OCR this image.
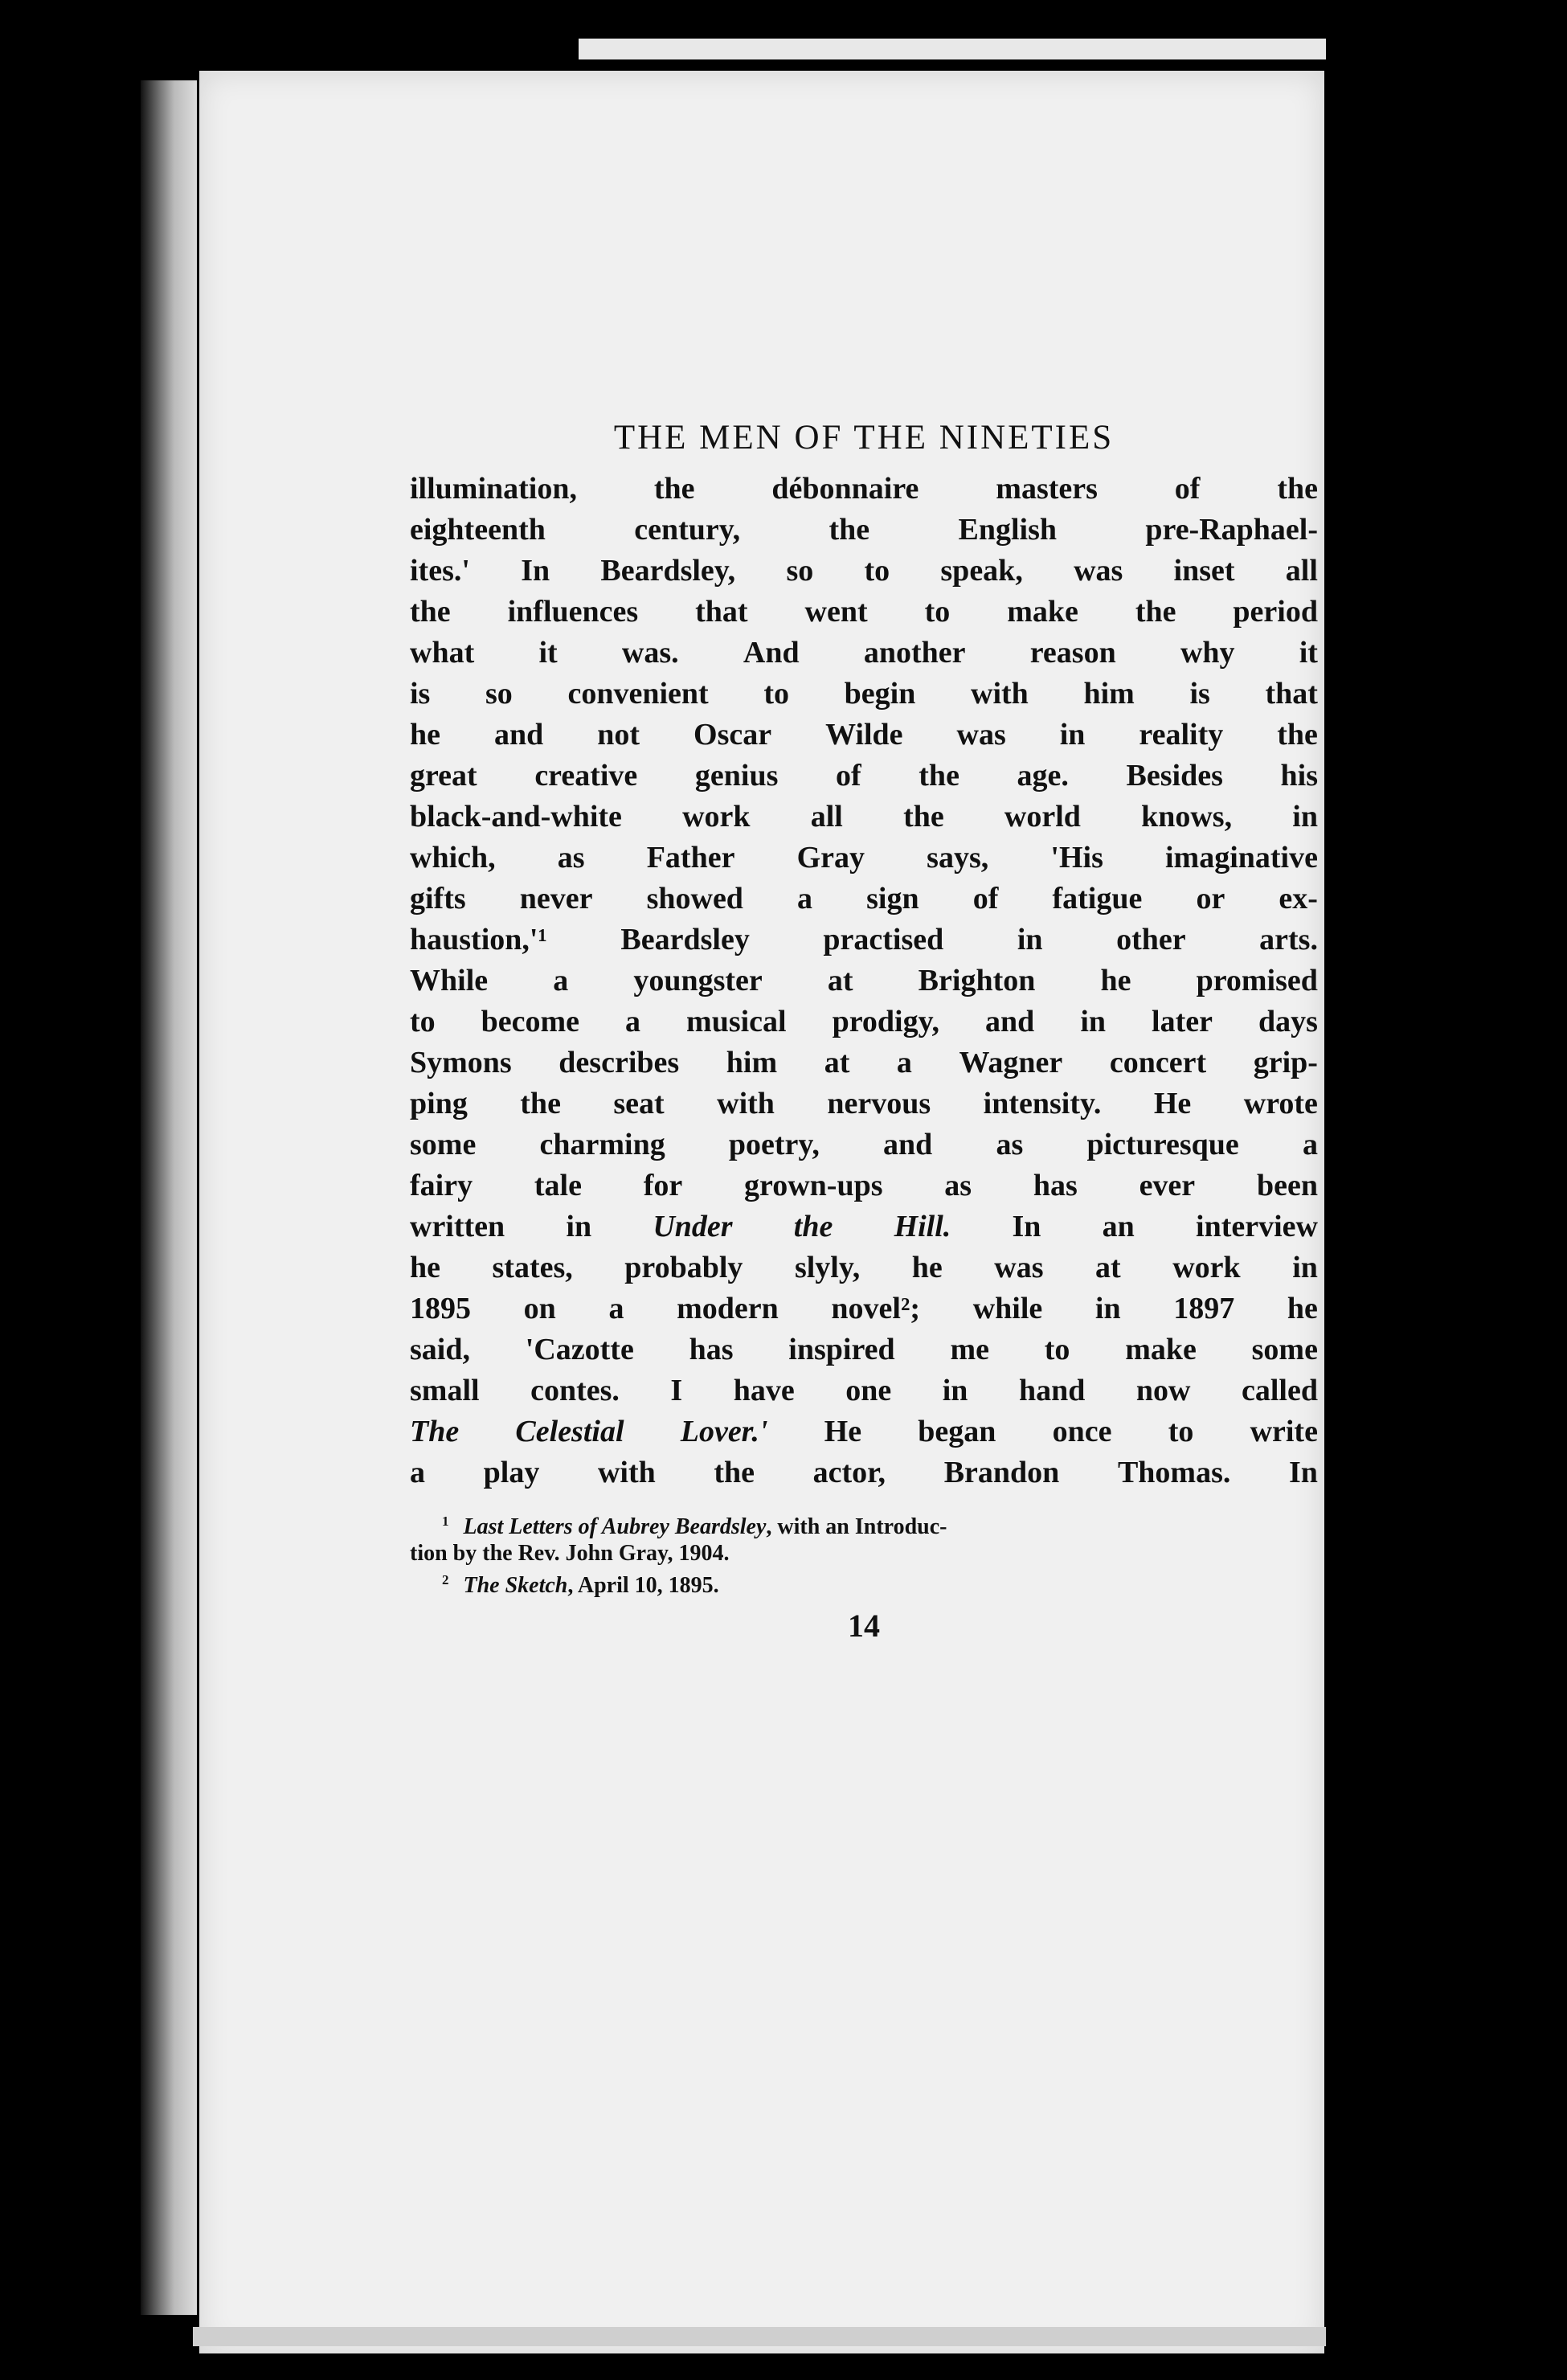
THE MEN OF THE NINETIES
illumination,	the	débonnaire	masters	of	the
eighteenth	century,	the	English	pre-Raphael-
ites.' In Beardsley, so to speak, was inset all
the influences that went to make the period
what it was. And another reason why it
is so convenient to begin with him is that
he and not Oscar Wilde was in reality the
great creative genius of the age. Besides his
black-and-white work all the world knows, in
which, as Father Gray says, 'His imaginative
gifts never showed a sign of fatigue or ex-
haustion,'¹ Beardsley practised in other arts.
While a youngster at Brighton he promised
to become a musical prodigy, and in later days
Symons describes him at a Wagner concert grip-
ping the seat with nervous intensity. He wrote
some charming poetry, and as picturesque a
fairy tale for grown-ups as has ever been
written in Under the Hill. In an interview
he states, probably slyly, he was at work in
1895 on a modern novel²; while in 1897 he
said, 'Cazotte has inspired me to make some
small contes. I have one in hand now called
The Celestial Lover.' He began once to write
a play with the actor, Brandon Thomas. In
$^1$ Last Letters of Aubrey Beardsley, with an Introduc-
tion by the Rev. John Gray, 1904.
$^2$ The Sketch, April 10, 1895.
14
